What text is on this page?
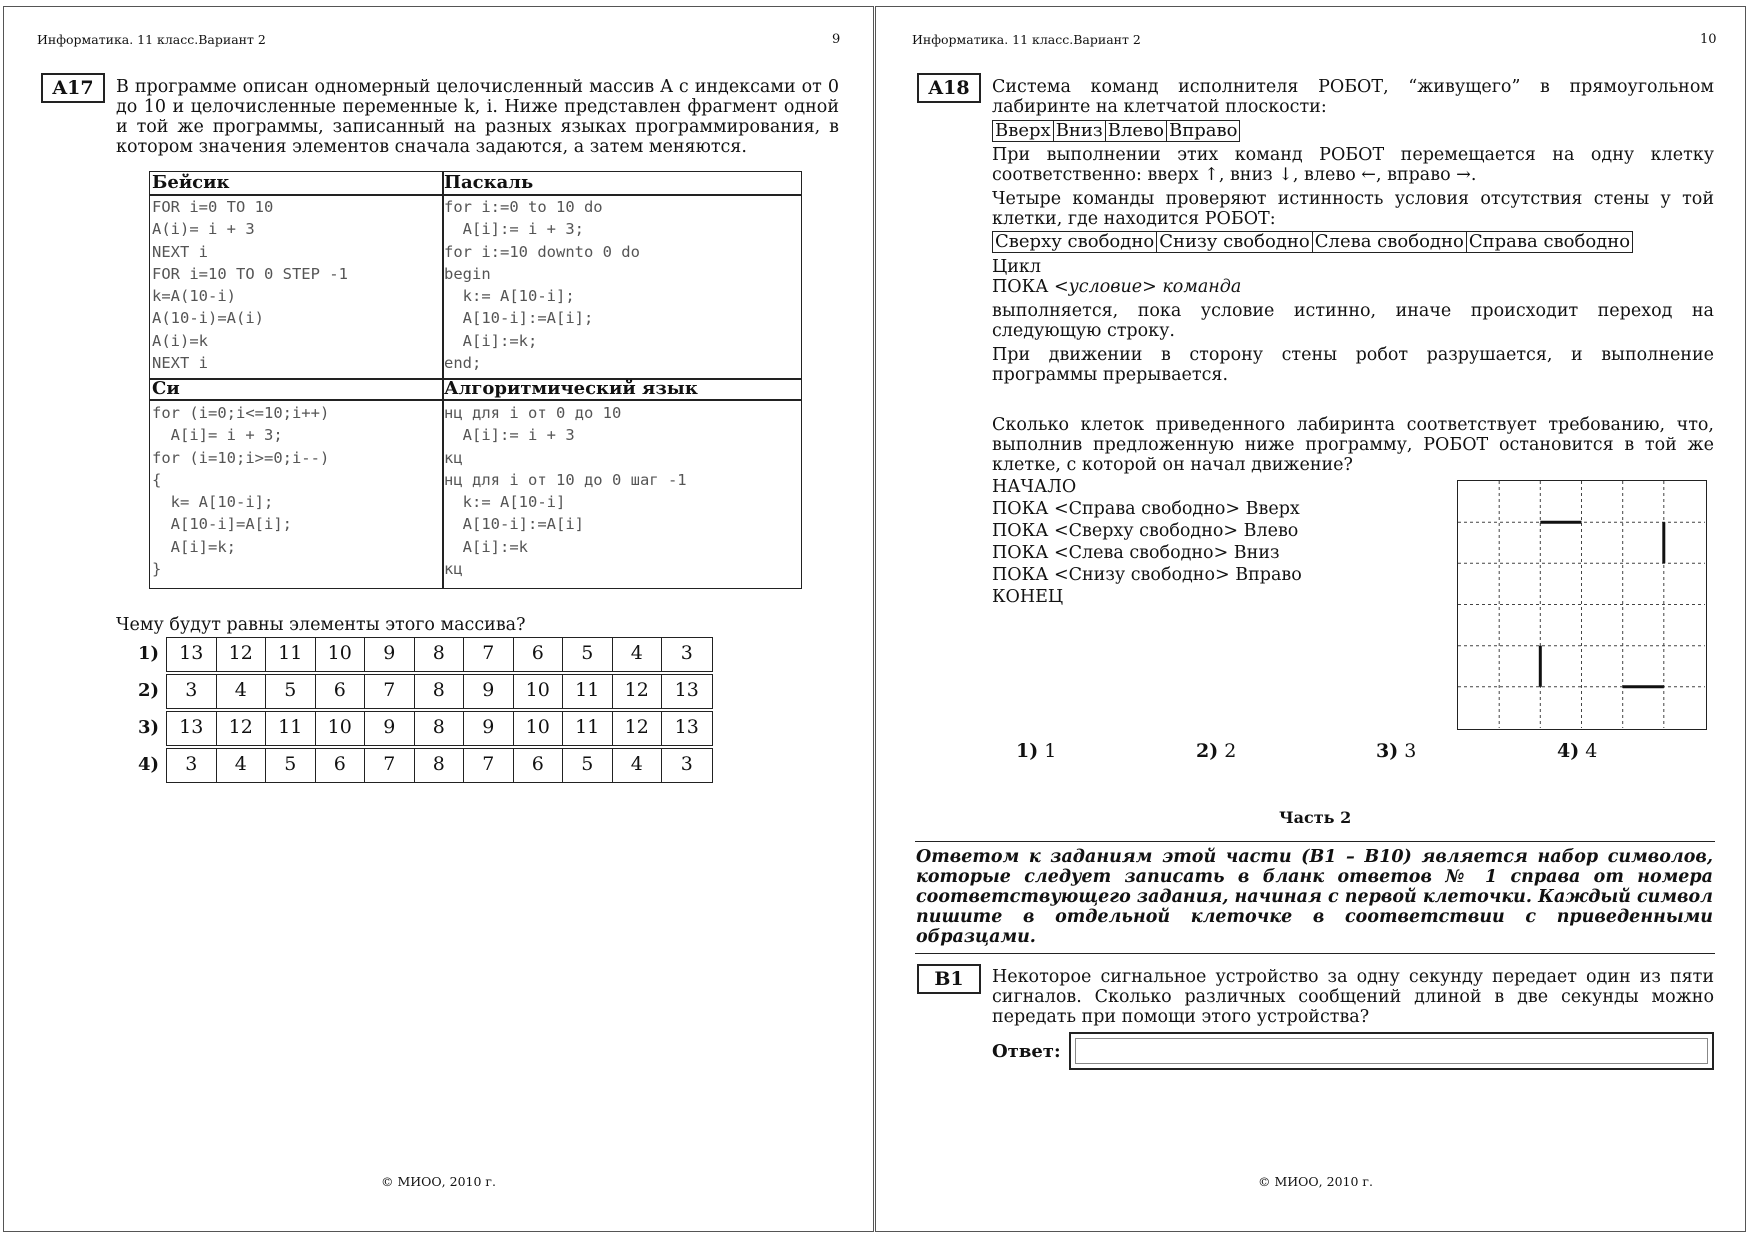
Информатика. 11 класс.Вариант 2	9
A17	В программе описан одномерный целочисленный массив A с индексами от 0 до 10 и целочисленные переменные k, i. Ниже представлен фрагмент одной и той же программы, записанный на разных языках программирования, в котором значения элементов сначала задаются, а затем меняются.
Бейсик
FOR i=0 TO 10
A(i)= i + 3
NEXT i
FOR i=10 TO 0 STEP -1
k=A(10-i)
A(10-i)=A(i)
A(i)=k
NEXT i
Паскаль
for i:=0 to 10 do
A[i]:= i + 3;
for i:=10 downto 0 do
begin
k:= A[10-i];
A[10-i]:=A[i];
A[i]:=k;
end;
Си
for (i=0;i<=10;i++)
A[i]= i + 3;
for (i=10;i>=0;i--)
{
k= A[10-i];
A[10-i]=A[i];
A[i]=k;
}
Алгоритмический язык
нц для i от 0 до 10
A[i]:= i + 3
кц
нц для i от 10 до 0 шаг -1
k:= A[10-i]
A[10-i]:=A[i]
A[i]:=k
кц
Чему будут равны элементы этого массива?
1)	13	12	11	10	9	8	7	6	5	4	3
2)	3	4	5	6	7	8	9	10	11	12	13
3)	13	12	11	10	9	8	9	10	11	12	13
4)	3	4	5	6	7	8	7	6	5	4	3
© МИОО, 2010 г.
Информатика. 11 класс.Вариант 2	10
A18	Система команд исполнителя РОБОТ, “живущего” в прямоугольном лабиринте на клетчатой плоскости:
Вверх Вниз Влево Вправо
При выполнении этих команд РОБОТ перемещается на одну клетку соответственно: вверх ↑, вниз ↓, влево ←, вправо →.
Четыре команды проверяют истинность условия отсутствия стены у той клетки, где находится РОБОТ:
Сверху свободно Снизу свободно Слева свободно Справа свободно
Цикл
ПОКА <условие> команда
выполняется, пока условие истинно, иначе происходит переход на следующую строку.
При движении в сторону стены робот разрушается, и выполнение программы прерывается.
Сколько клеток приведенного лабиринта соответствует требованию, что, выполнив предложенную ниже программу, РОБОТ остановится в той же клетке, с которой он начал движение?
НАЧАЛО
ПОКА <Справа свободно> Вверх
ПОКА <Сверху свободно> Влево
ПОКА <Слева свободно> Вниз
ПОКА <Снизу свободно> Вправо
КОНЕЦ
1) 1	2) 2	3) 3	4) 4
Часть 2
Ответом к заданиям этой части (В1 – В10) является набор символов, которые следует записать в бланк ответов № 1 справа от номера соответствующего задания, начиная с первой клеточки. Каждый символ пишите в отдельной клеточке в соответствии с приведенными образцами.
B1	Некоторое сигнальное устройство за одну секунду передает один из пяти сигналов. Сколько различных сообщений длиной в две секунды можно передать при помощи этого устройства?
Ответ:
© МИОО, 2010 г.
